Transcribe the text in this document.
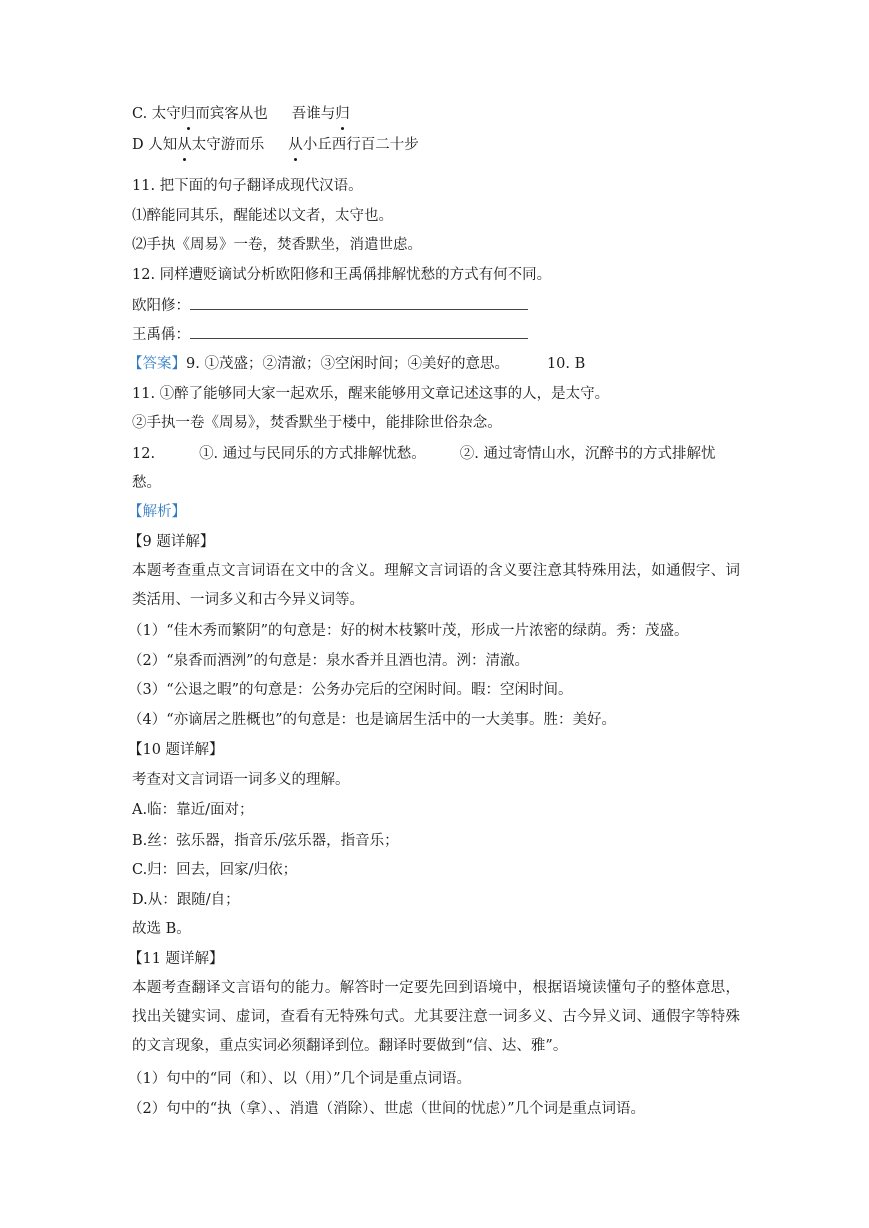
C. 太守归而宾客从也 吾谁与归
D 人知从太守游而乐 从小丘西行百二十步
11. 把下面的句子翻译成现代汉语。
⑴醉能同其乐，醒能述以文者，太守也。
⑵手执《周易》一卷，焚香默坐，消遣世虑。
12. 同样遭贬谪试分析欧阳修和王禹偁排解忧愁的方式有何不同。
欧阳修：
王禹偁：
【答案】9. ①茂盛；②清澈；③空闲时间；④美好的意思。	10. B
11. ①醉了能够同大家一起欢乐，醒来能够用文章记述这事的人，是太守。
②手执一卷《周易》，焚香默坐于楼中，能排除世俗杂念。
12.	①. 通过与民同乐的方式排解忧愁。 ②. 通过寄情山水，沉醉书的方式排解忧
愁。
【解析】
【9 题详解】
本题考查重点文言词语在文中的含义。理解文言词语的含义要注意其特殊用法，如通假字、词类活用、一词多义和古今异义词等。
（1）“佳木秀而繁阴”的句意是：好的树木枝繁叶茂，形成一片浓密的绿荫。秀：茂盛。
（2）“泉香而酒洌”的句意是：泉水香并且酒也清。洌：清澈。
（3）“公退之暇”的句意是：公务办完后的空闲时间。暇：空闲时间。
（4）“亦谪居之胜概也”的句意是：也是谪居生活中的一大美事。胜：美好。
【10 题详解】
考查对文言词语一词多义的理解。
A.临：靠近/面对；
B.丝：弦乐器，指音乐/弦乐器，指音乐；
C.归：回去，回家/归依；
D.从：跟随/自；
故选 B。
【11 题详解】
本题考查翻译文言语句的能力。解答时一定要先回到语境中，根据语境读懂句子的整体意思，找出关键实词、虚词，查看有无特殊句式。尤其要注意一词多义、古今异义词、通假字等特殊的文言现象，重点实词必须翻译到位。翻译时要做到“信、达、雅”。
（1）句中的“同（和）、以（用）”几个词是重点词语。
（2）句中的“执（拿）、、消遣（消除）、世虑（世间的忧虑）”几个词是重点词语。
